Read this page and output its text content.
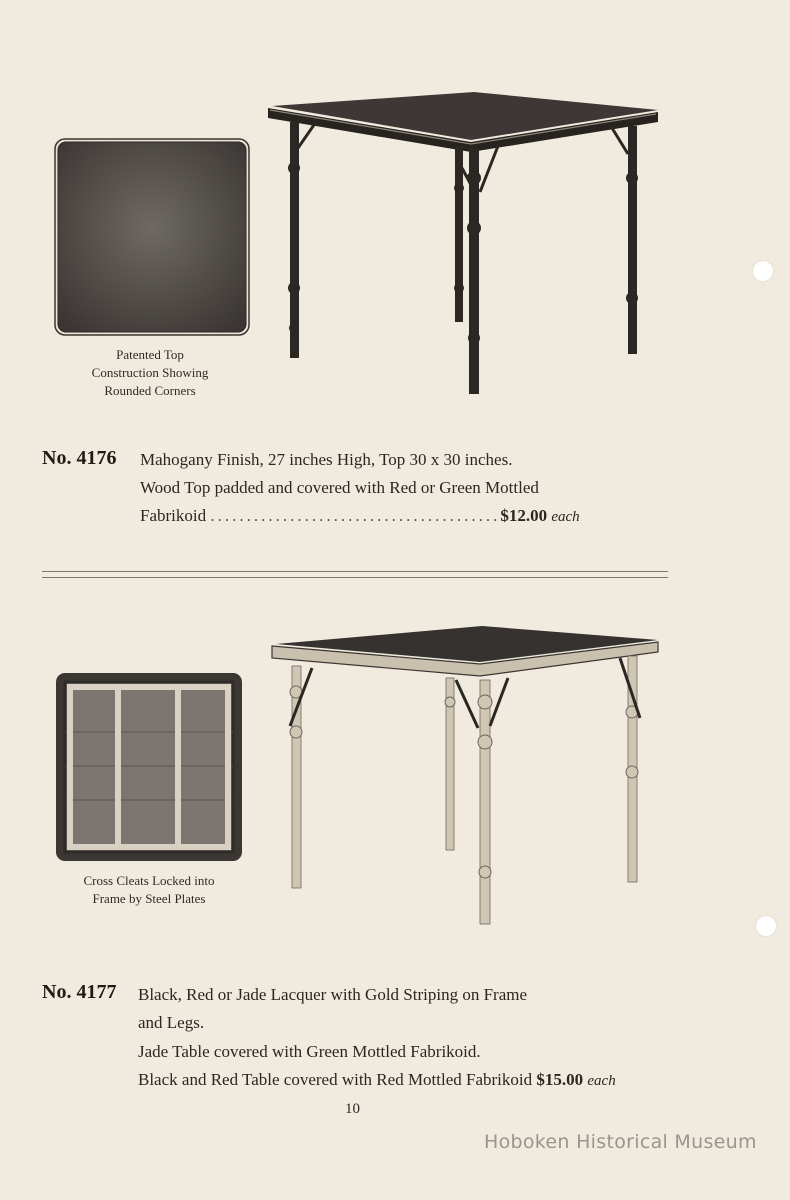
Patented Top
Construction Showing
Rounded Corners
No. 4176 Mahogany Finish, 27 inches High, Top 30 x 30 inches.
Wood Top padded and covered with Red or Green Mottled
Fabrikoid ........................................$12.00 each
Cross Cleats Locked into
Frame by Steel Plates
No. 4177 Black, Red or Jade Lacquer with Gold Striping on Frame
and Legs.
Jade Table covered with Green Mottled Fabrikoid.
Black and Red Table covered with Red Mottled Fabrikoid $15.00 each
10
Hoboken Historical Museum
